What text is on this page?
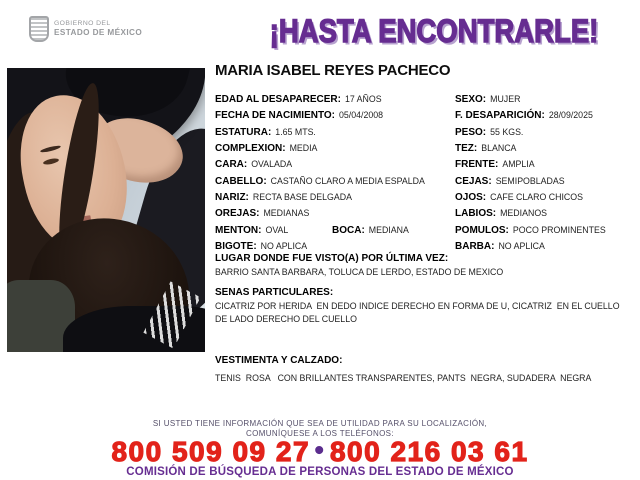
GOBIERNO DEL
ESTADO DE MÉXICO	¡HASTA ENCONTRARLE!
MARIA ISABEL REYES PACHECO
EDAD AL DESAPARECER: 17 AÑOS
FECHA DE NACIMIENTO: 05/04/2008
ESTATURA: 1.65 MTS.
COMPLEXION: MEDIA
CARA: OVALADA
CABELLO: CASTAÑO CLARO A MEDIA ESPALDA
NARIZ: RECTA BASE DELGADA
OREJAS: MEDIANAS
MENTON: OVAL	BOCA: MEDIANA
BIGOTE: NO APLICA
SEXO: MUJER
F. DESAPARICIÓN: 28/09/2025
PESO: 55 KGS.
TEZ: BLANCA
FRENTE: AMPLIA
CEJAS: SEMIPOBLADAS
OJOS: CAFE CLARO CHICOS
LABIOS: MEDIANOS
POMULOS: POCO PROMINENTES
BARBA: NO APLICA
LUGAR DONDE FUE VISTO(A) POR ÚLTIMA VEZ:
BARRIO SANTA BARBARA, TOLUCA DE LERDO, ESTADO DE MEXICO
SENAS PARTICULARES:
CICATRIZ POR HERIDA  EN DEDO INDICE DERECHO EN FORMA DE U, CICATRIZ  EN EL CUELLO DE LADO DERECHO DEL CUELLO
VESTIMENTA Y CALZADO:
TENIS  ROSA   CON BRILLANTES TRANSPARENTES, PANTS  NEGRA, SUDADERA  NEGRA
SI USTED TIENE INFORMACIÓN QUE SEA DE UTILIDAD PARA SU LOCALIZACIÓN,
COMUNÍQUESE A LOS TELÉFONOS:
800 509 09 27 • 800 216 03 61
COMISIÓN DE BÚSQUEDA DE PERSONAS DEL ESTADO DE MÉXICO
